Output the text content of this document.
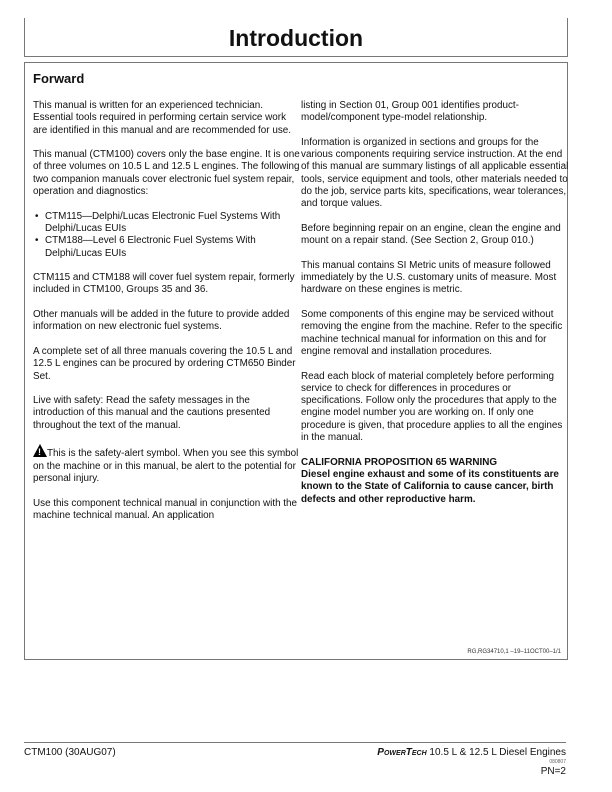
Introduction
Forward

This manual is written for an experienced technician. Essential tools required in performing certain service work are identified in this manual and are recommended for use.

This manual (CTM100) covers only the base engine. It is one of three volumes on 10.5 L and 12.5 L engines. The following two companion manuals cover electronic fuel system repair, operation and diagnostics:

• CTM115—Delphi/Lucas Electronic Fuel Systems With Delphi/Lucas EUIs
• CTM188—Level 6 Electronic Fuel Systems With Delphi/Lucas EUIs

CTM115 and CTM188 will cover fuel system repair, formerly included in CTM100, Groups 35 and 36.

Other manuals will be added in the future to provide added information on new electronic fuel systems.

A complete set of all three manuals covering the 10.5 L and 12.5 L engines can be procured by ordering CTM650 Binder Set.

Live with safety: Read the safety messages in the introduction of this manual and the cautions presented throughout the text of the manual.

!This is the safety-alert symbol. When you see this symbol on the machine or in this manual, be alert to the potential for personal injury.

Use this component technical manual in conjunction with the machine technical manual. An application

listing in Section 01, Group 001 identifies product-model/component type-model relationship.

Information is organized in sections and groups for the various components requiring service instruction. At the end of this manual are summary listings of all applicable essential tools, service equipment and tools, other materials needed to do the job, service parts kits, specifications, wear tolerances, and torque values.

Before beginning repair on an engine, clean the engine and mount on a repair stand. (See Section 2, Group 010.)

This manual contains SI Metric units of measure followed immediately by the U.S. customary units of measure. Most hardware on these engines is metric.

Some components of this engine may be serviced without removing the engine from the machine. Refer to the specific machine technical manual for information on this and for engine removal and installation procedures.

Read each block of material completely before performing service to check for differences in procedures or specifications. Follow only the procedures that apply to the engine model number you are working on. If only one procedure is given, that procedure applies to all the engines in the manual.

CALIFORNIA PROPOSITION 65 WARNING
Diesel engine exhaust and some of its constituents are known to the State of California to cause cancer, birth defects and other reproductive harm.

RG,RG34710,1 –19–11OCT00–1/1
CTM100 (30AUG07)	PowerTech 10.5 L & 12.5 L Diesel Engines
080807
PN=2
